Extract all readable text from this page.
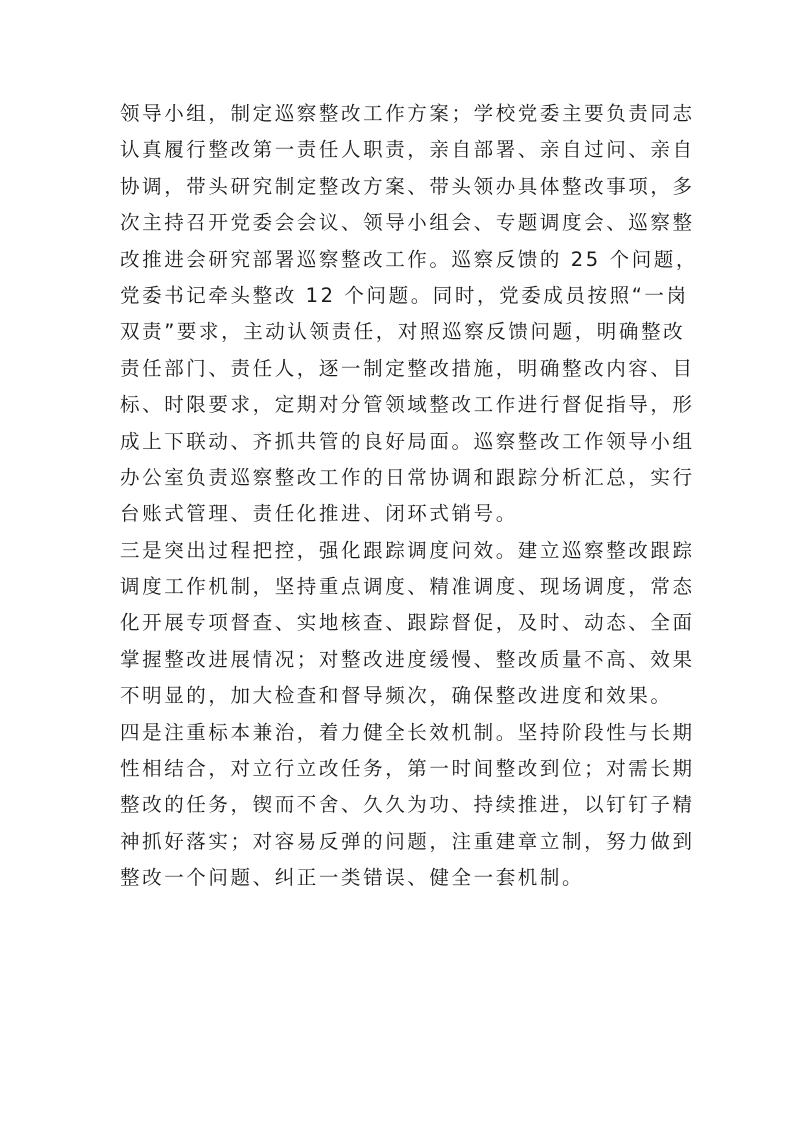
领导小组，制定巡察整改工作方案；学校党委主要负责同志
认真履行整改第一责任人职责，亲自部署、亲自过问、亲自
协调，带头研究制定整改方案、带头领办具体整改事项，多
次主持召开党委会会议、领导小组会、专题调度会、巡察整
改推进会研究部署巡察整改工作。巡察反馈的 25 个问题，
党委书记牵头整改 12 个问题。同时，党委成员按照“一岗
双责”要求，主动认领责任，对照巡察反馈问题，明确整改
责任部门、责任人，逐一制定整改措施，明确整改内容、目
标、时限要求，定期对分管领域整改工作进行督促指导，形
成上下联动、齐抓共管的良好局面。巡察整改工作领导小组
办公室负责巡察整改工作的日常协调和跟踪分析汇总，实行
台账式管理、责任化推进、闭环式销号。
三是突出过程把控，强化跟踪调度问效。建立巡察整改跟踪
调度工作机制，坚持重点调度、精准调度、现场调度，常态
化开展专项督查、实地核查、跟踪督促，及时、动态、全面
掌握整改进展情况；对整改进度缓慢、整改质量不高、效果
不明显的，加大检查和督导频次，确保整改进度和效果。
四是注重标本兼治，着力健全长效机制。坚持阶段性与长期
性相结合，对立行立改任务，第一时间整改到位；对需长期
整改的任务，锲而不舍、久久为功、持续推进，以钉钉子精
神抓好落实；对容易反弹的问题，注重建章立制，努力做到
整改一个问题、纠正一类错误、健全一套机制。
